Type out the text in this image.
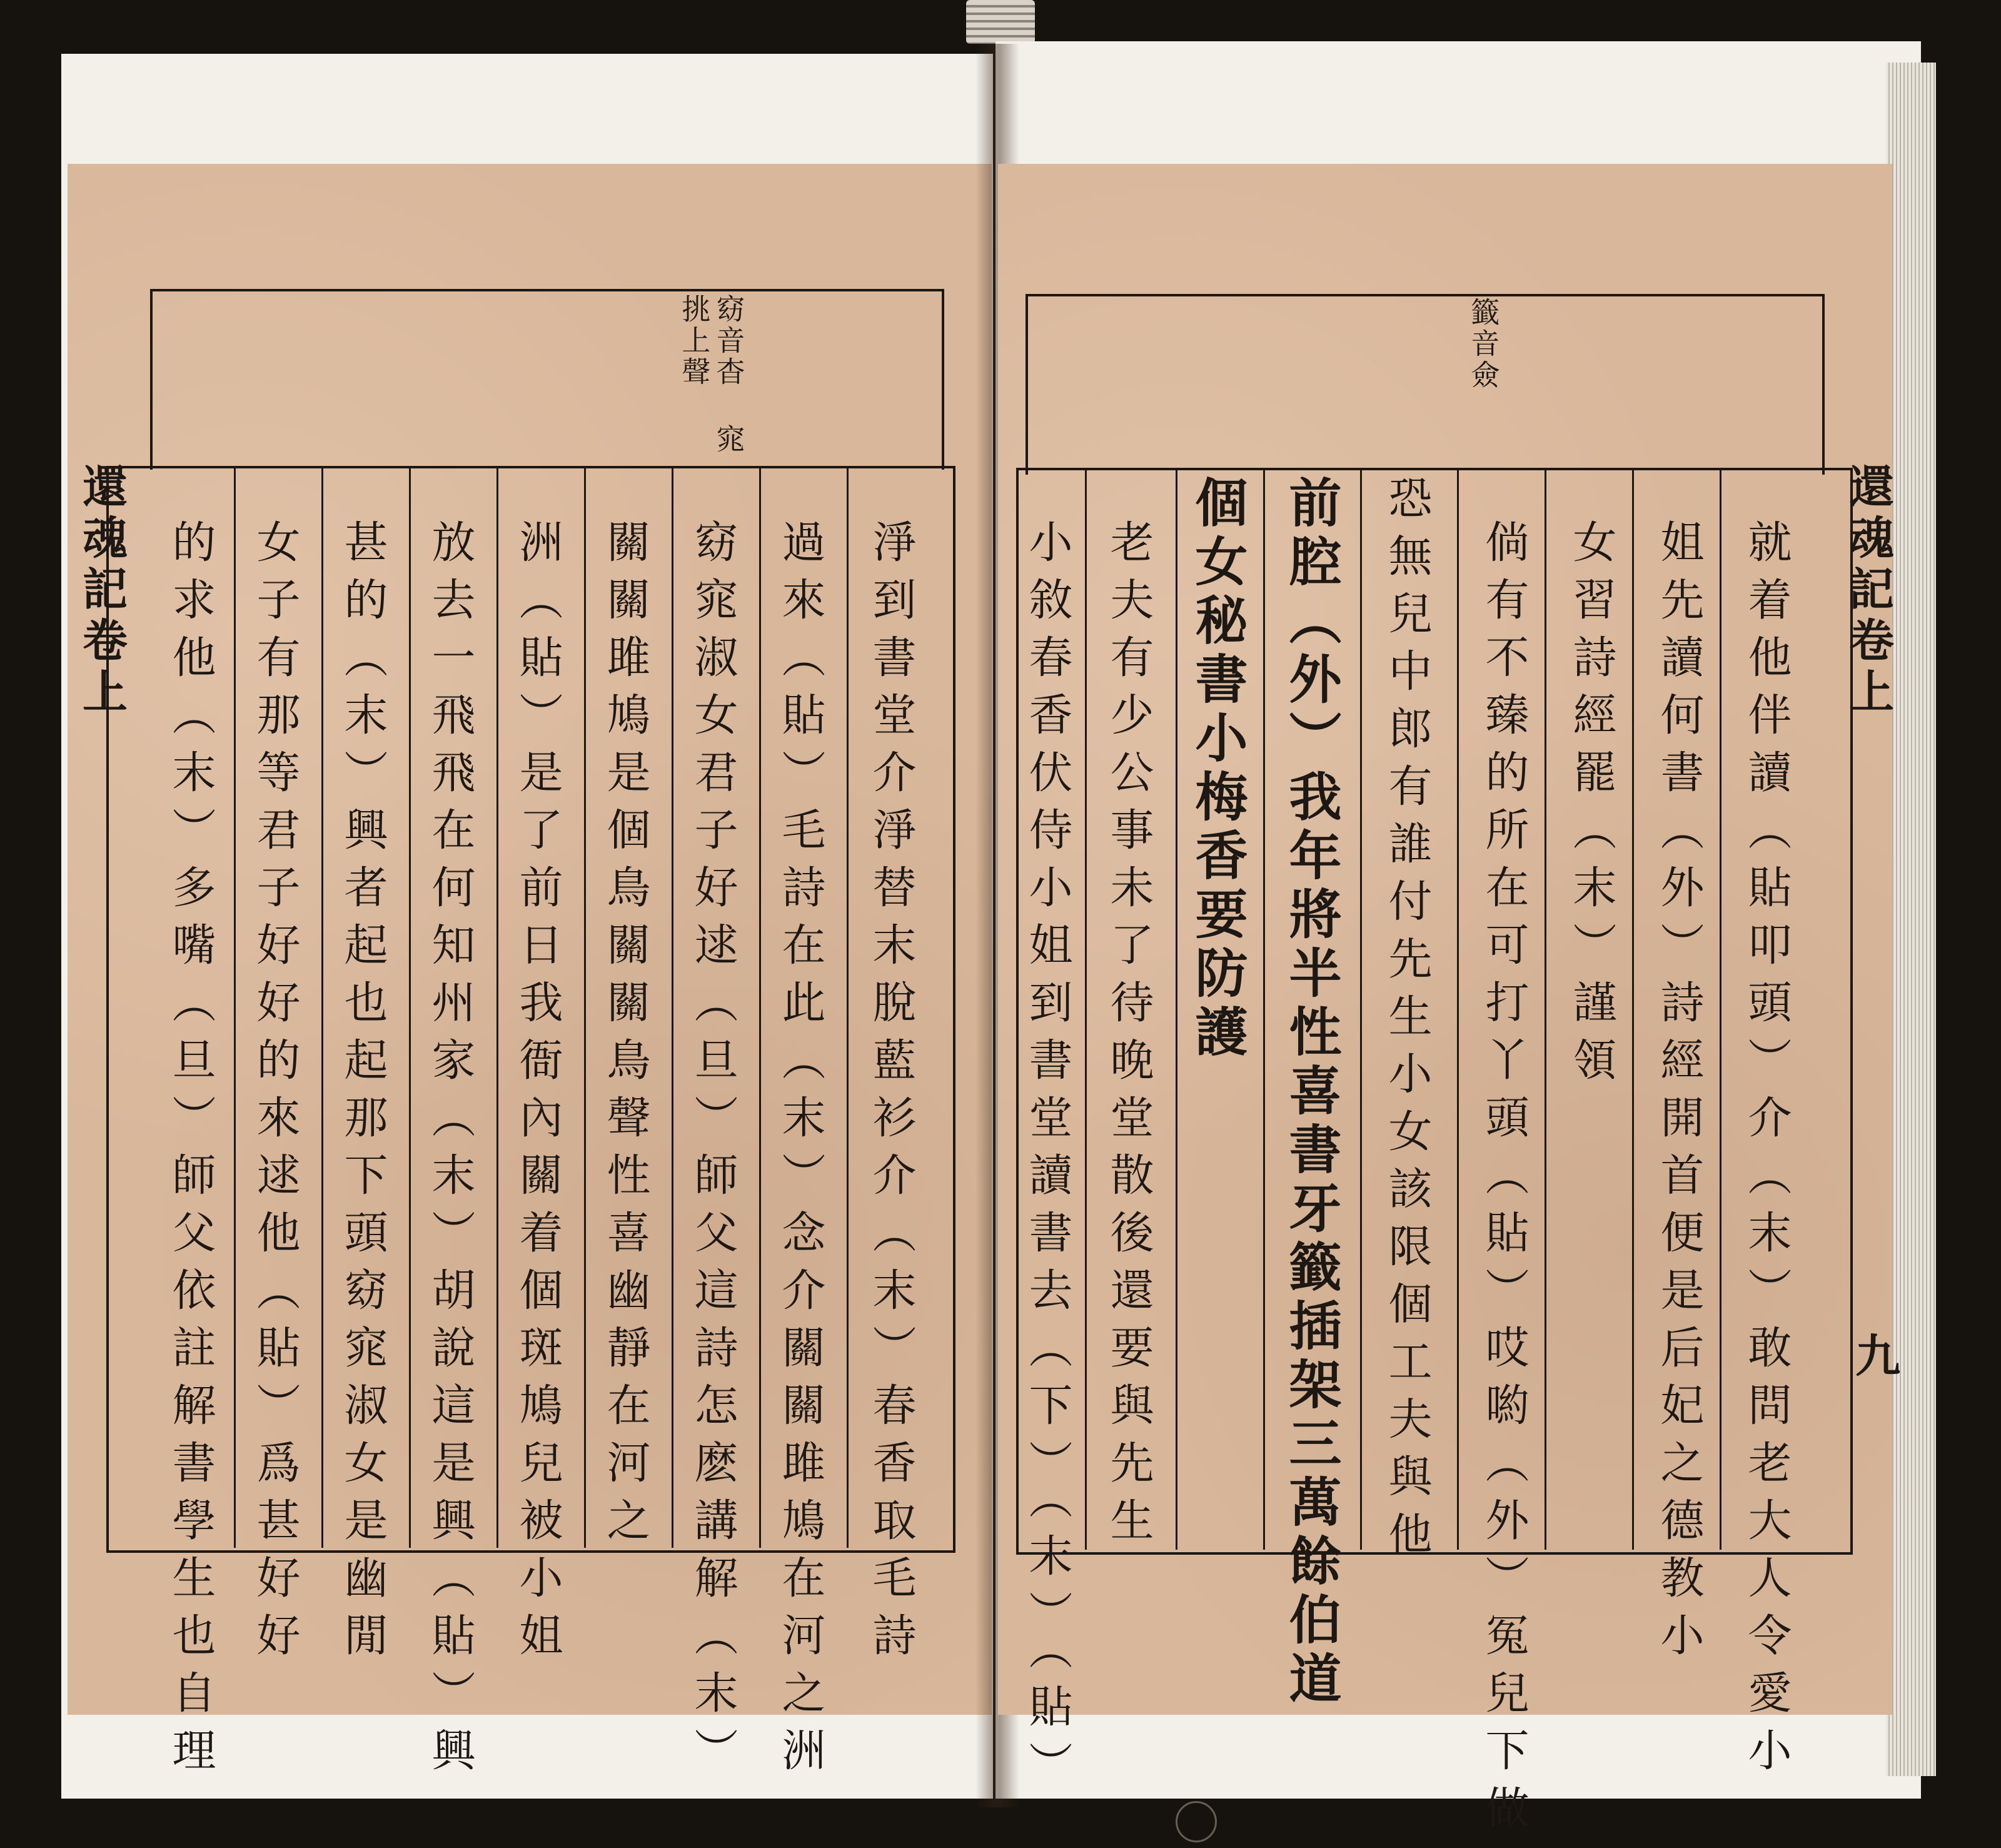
窈音杳 窕挑上聲
還魂記卷上	淨到書堂介淨替末脫藍衫介（末）春香取毛詩
過來（貼）毛詩在此（末）念介關關雎鳩在河之洲
窈窕淑女君子好逑（旦）師父這詩怎麽講解（末）
關關雎鳩是個鳥關關鳥聲性喜幽靜在河之
洲（貼）是了前日我衙內關着個斑鳩兒被小姐
放去一飛飛在何知州家（末）胡說這是興（貼）興
甚的（末）興者起也起那下頭窈窕淑女是幽閒
女子有那等君子好好的來逑他（貼）爲甚好好
的求他（末）多嘴（旦）師父依註解書學生也自理
籤音僉
還魂記卷上
九
就着他伴讀（貼叩頭）介（末）敢問老大人令愛小
姐先讀何書（外）詩經開首便是后妃之德教小
女習詩經罷（末）謹領
倘有不臻的所在可打丫頭（貼）哎喲（外）冤兒下做
恐無兒中郎有誰付先生小女該限個工夫與他
前腔（外）我年將半性喜書牙籤插架三萬餘伯道
個女秘書小梅香要防護
老夫有少公事未了待晚堂散後還要與先生
小敘春香伏侍小姐到書堂讀書去（下）（末）（貼）
